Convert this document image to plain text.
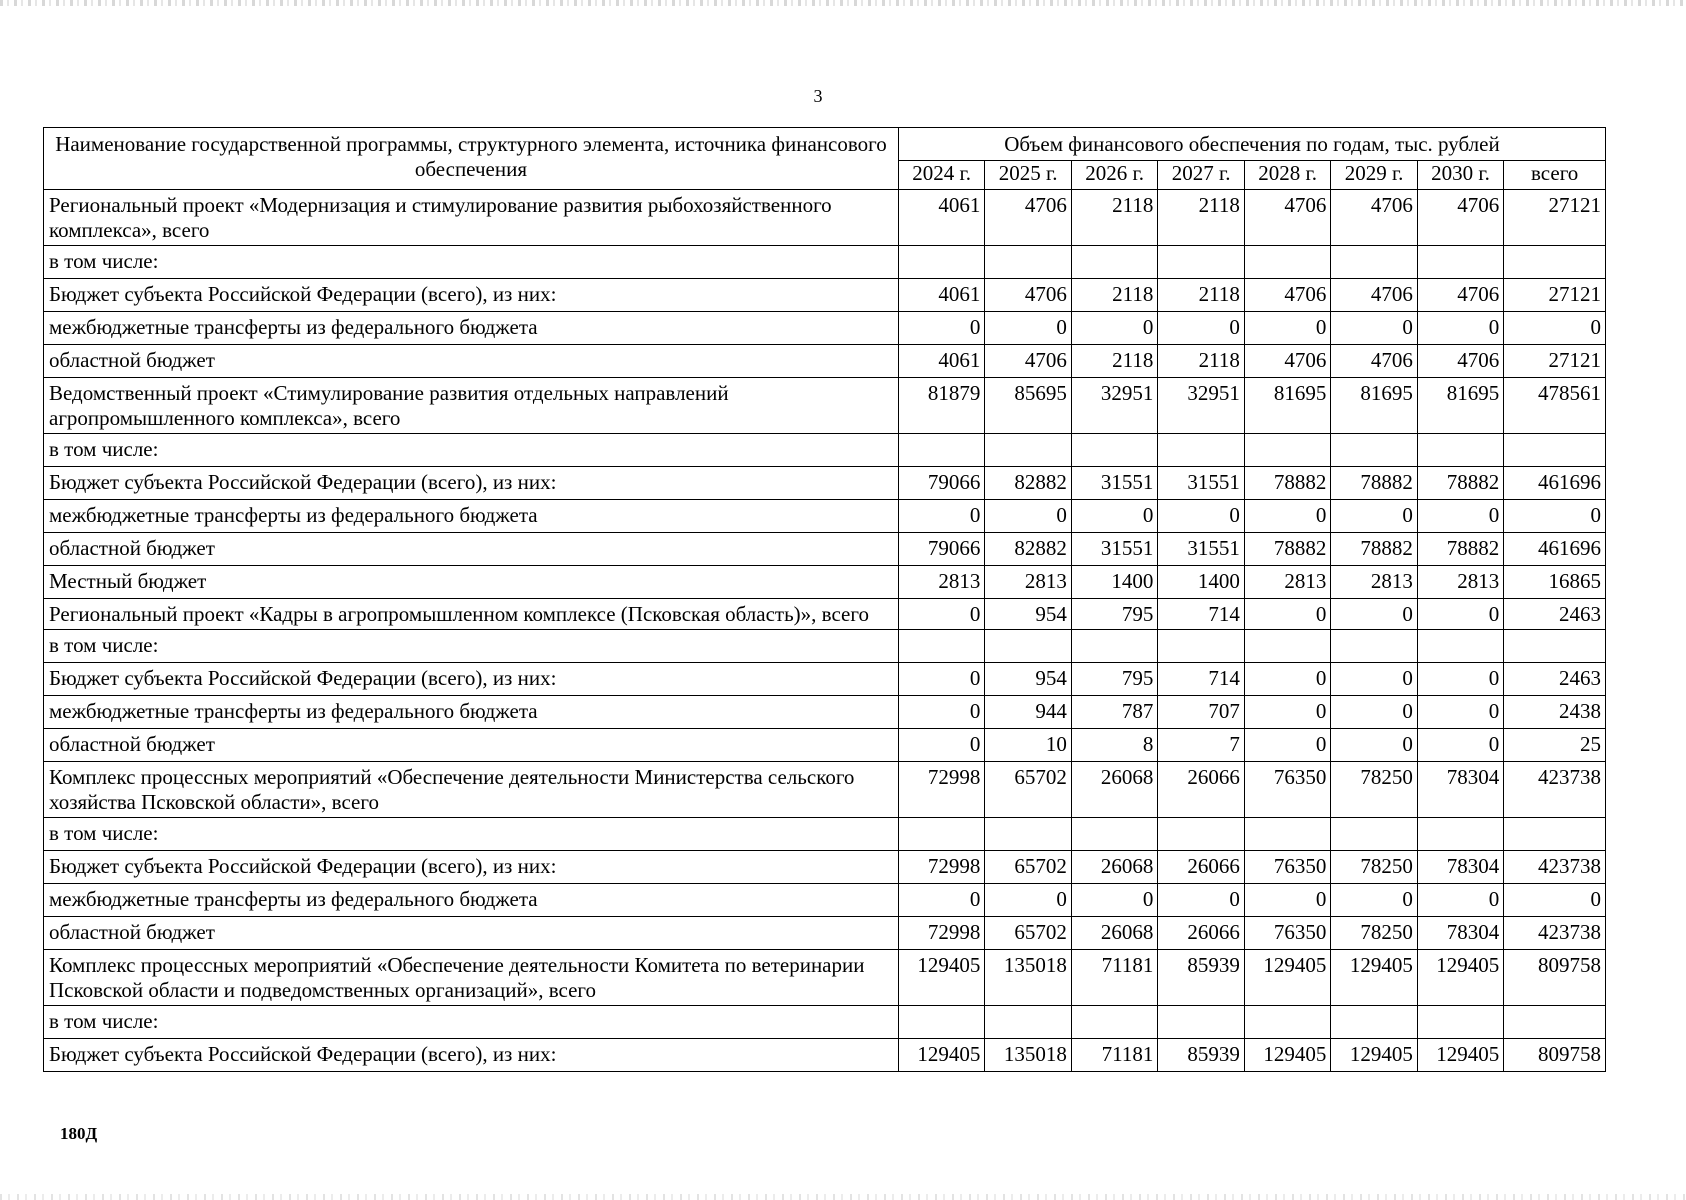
3
Наименование государственной программы, структурного элемента, источника финансового обеспечения	Объем финансового обеспечения по годам, тыс. рублей							
	2024 г.	2025 г.	2026 г.	2027 г.	2028 г.	2029 г.	2030 г.	всего
Региональный проект «Модернизация и стимулирование развития рыбохозяйственного комплекса», всего	4061	4706	2118	2118	4706	4706	4706	27121
в том числе:								
Бюджет субъекта Российской Федерации (всего), из них:	4061	4706	2118	2118	4706	4706	4706	27121
межбюджетные трансферты из федерального бюджета	0	0	0	0	0	0	0	0
областной бюджет	4061	4706	2118	2118	4706	4706	4706	27121
Ведомственный проект «Стимулирование развития отдельных направлений агропромышленного комплекса», всего	81879	85695	32951	32951	81695	81695	81695	478561
в том числе:								
Бюджет субъекта Российской Федерации (всего), из них:	79066	82882	31551	31551	78882	78882	78882	461696
межбюджетные трансферты из федерального бюджета	0	0	0	0	0	0	0	0
областной бюджет	79066	82882	31551	31551	78882	78882	78882	461696
Местный бюджет	2813	2813	1400	1400	2813	2813	2813	16865
Региональный проект «Кадры в агропромышленном комплексе (Псковская область)», всего	0	954	795	714	0	0	0	2463
в том числе:								
Бюджет субъекта Российской Федерации (всего), из них:	0	954	795	714	0	0	0	2463
межбюджетные трансферты из федерального бюджета	0	944	787	707	0	0	0	2438
областной бюджет	0	10	8	7	0	0	0	25
Комплекс процессных мероприятий «Обеспечение деятельности Министерства сельского хозяйства Псковской области», всего	72998	65702	26068	26066	76350	78250	78304	423738
в том числе:								
Бюджет субъекта Российской Федерации (всего), из них:	72998	65702	26068	26066	76350	78250	78304	423738
межбюджетные трансферты из федерального бюджета	0	0	0	0	0	0	0	0
областной бюджет	72998	65702	26068	26066	76350	78250	78304	423738
Комплекс процессных мероприятий «Обеспечение деятельности Комитета по ветеринарии Псковской области и подведомственных организаций», всего	129405	135018	71181	85939	129405	129405	129405	809758
в том числе:								
Бюджет субъекта Российской Федерации (всего), из них:	129405	135018	71181	85939	129405	129405	129405	809758
180Д
